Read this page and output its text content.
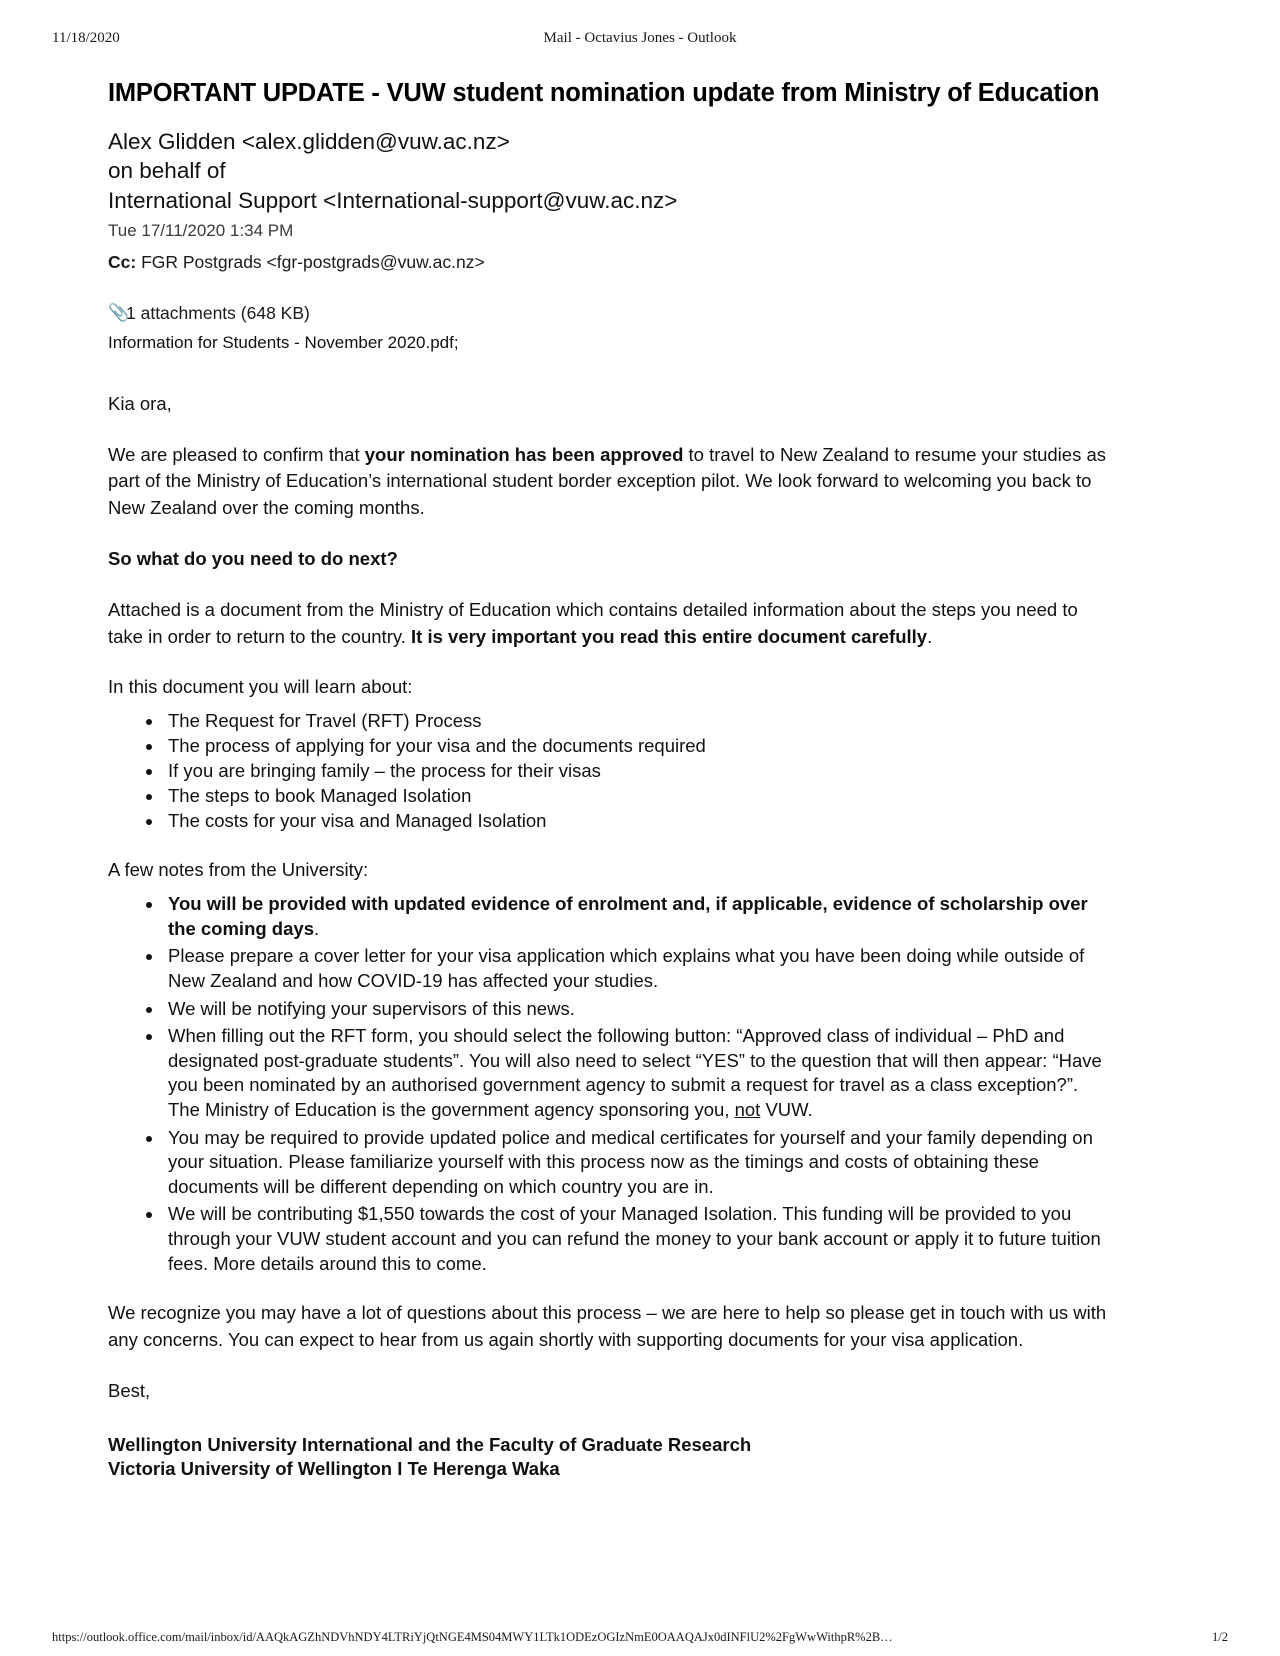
11/18/2020	Mail - Octavius Jones - Outlook
IMPORTANT UPDATE - VUW student nomination update from Ministry of Education
Alex Glidden <alex.glidden@vuw.ac.nz>
on behalf of
International Support <International-support@vuw.ac.nz>
Tue 17/11/2020 1:34 PM
Cc: FGR Postgrads <fgr-postgrads@vuw.ac.nz>
📎
1 attachments (648 KB)
Information for Students - November 2020.pdf;

Kia ora,

We are pleased to confirm that your nomination has been approved to travel to New Zealand to resume your studies as part of the Ministry of Education’s international student border exception pilot. We look forward to welcoming you back to New Zealand over the coming months.

So what do you need to do next?

Attached is a document from the Ministry of Education which contains detailed information about the steps you need to take in order to return to the country. It is very important you read this entire document carefully.

In this document you will learn about:

• The Request for Travel (RFT) Process
• The process of applying for your visa and the documents required
• If you are bringing family – the process for their visas
• The steps to book Managed Isolation
• The costs for your visa and Managed Isolation

A few notes from the University:

• You will be provided with updated evidence of enrolment and, if applicable, evidence of scholarship over the coming days.
• Please prepare a cover letter for your visa application which explains what you have been doing while outside of New Zealand and how COVID-19 has affected your studies.
• We will be notifying your supervisors of this news.
• When filling out the RFT form, you should select the following button: “Approved class of individual – PhD and designated post-graduate students”. You will also need to select “YES” to the question that will then appear: “Have you been nominated by an authorised government agency to submit a request for travel as a class exception?”. The Ministry of Education is the government agency sponsoring you, not VUW.
• You may be required to provide updated police and medical certificates for yourself and your family depending on your situation. Please familiarize yourself with this process now as the timings and costs of obtaining these documents will be different depending on which country you are in.
• We will be contributing $1,550 towards the cost of your Managed Isolation. This funding will be provided to you through your VUW student account and you can refund the money to your bank account or apply it to future tuition fees. More details around this to come.

We recognize you may have a lot of questions about this process – we are here to help so please get in touch with us with any concerns. You can expect to hear from us again shortly with supporting documents for your visa application.

Best,

Wellington University International and the Faculty of Graduate Research
Victoria University of Wellington I Te Herenga Waka
https://outlook.office.com/mail/inbox/id/AAQkAGZhNDVhNDY4LTRiYjQtNGE4MS04MWY1LTk1ODEzOGIzNmE0OAAQAJx0dINFlU2%2FgWwWithpR%2B…	1/2
